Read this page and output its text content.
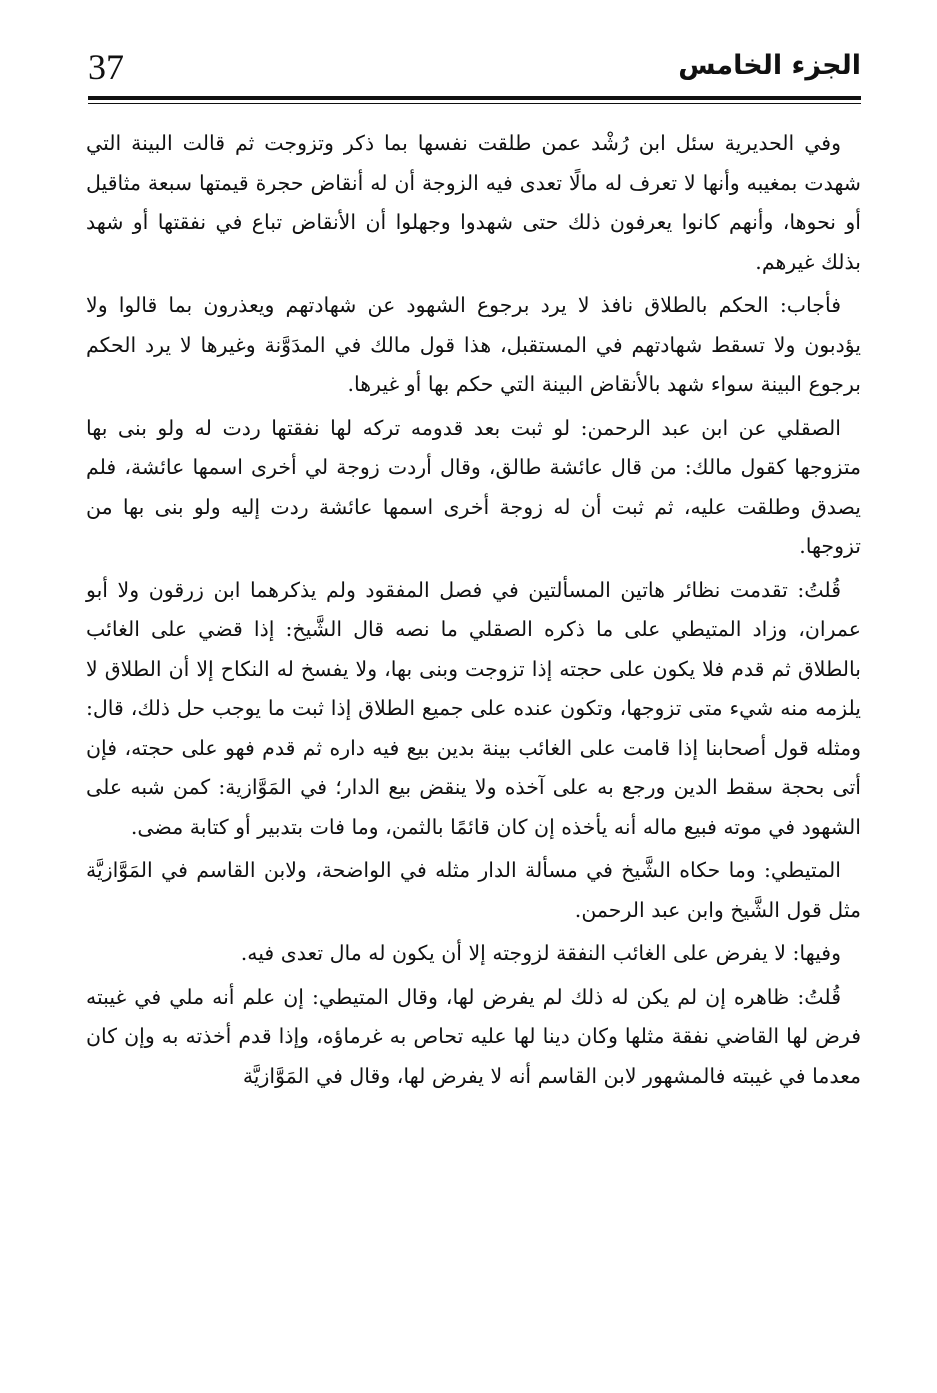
37	الجزء الخامس

وفي الحديرية سئل ابن رُشْد عمن طلقت نفسها بما ذكر وتزوجت ثم قالت البينة التي شهدت بمغيبه وأنها لا تعرف له مالًا تعدى فيه الزوجة أن له أنقاض حجرة قيمتها سبعة مثاقيل أو نحوها، وأنهم كانوا يعرفون ذلك حتى شهدوا وجهلوا أن الأنقاض تباع في نفقتها أو شهد بذلك غيرهم.

فأجاب: الحكم بالطلاق نافذ لا يرد برجوع الشهود عن شهادتهم ويعذرون بما قالوا ولا يؤدبون ولا تسقط شهادتهم في المستقبل، هذا قول مالك في المدَوَّنة وغيرها لا يرد الحكم برجوع البينة سواء شهد بالأنقاض البينة التي حكم بها أو غيرها.

الصقلي عن ابن عبد الرحمن: لو ثبت بعد قدومه تركه لها نفقتها ردت له ولو بنى بها متزوجها كقول مالك: من قال عائشة طالق، وقال أردت زوجة لي أخرى اسمها عائشة، فلم يصدق وطلقت عليه، ثم ثبت أن له زوجة أخرى اسمها عائشة ردت إليه ولو بنى بها من تزوجها.

قُلتُ: تقدمت نظائر هاتين المسألتين في فصل المفقود ولم يذكرهما ابن زرقون ولا أبو عمران، وزاد المتيطي على ما ذكره الصقلي ما نصه قال الشَّيخ: إذا قضي على الغائب بالطلاق ثم قدم فلا يكون على حجته إذا تزوجت وبنى بها، ولا يفسخ له النكاح إلا أن الطلاق لا يلزمه منه شيء متى تزوجها، وتكون عنده على جميع الطلاق إذا ثبت ما يوجب حل ذلك، قال: ومثله قول أصحابنا إذا قامت على الغائب بينة بدين بيع فيه داره ثم قدم فهو على حجته، فإن أتى بحجة سقط الدين ورجع به على آخذه ولا ينقض بيع الدار؛ في المَوَّازية: كمن شبه على الشهود في موته فبيع ماله أنه يأخذه إن كان قائمًا بالثمن، وما فات بتدبير أو كتابة مضى.

المتيطي: وما حكاه الشَّيخ في مسألة الدار مثله في الواضحة، ولابن القاسم في المَوَّازيَّة مثل قول الشَّيخ وابن عبد الرحمن.

وفيها: لا يفرض على الغائب النفقة لزوجته إلا أن يكون له مال تعدى فيه.

قُلتُ: ظاهره إن لم يكن له ذلك لم يفرض لها، وقال المتيطي: إن علم أنه ملي في غيبته فرض لها القاضي نفقة مثلها وكان دينا لها عليه تحاص به غرماؤه، وإذا قدم أخذته به وإن كان معدما في غيبته فالمشهور لابن القاسم أنه لا يفرض لها، وقال في المَوَّازيَّة
